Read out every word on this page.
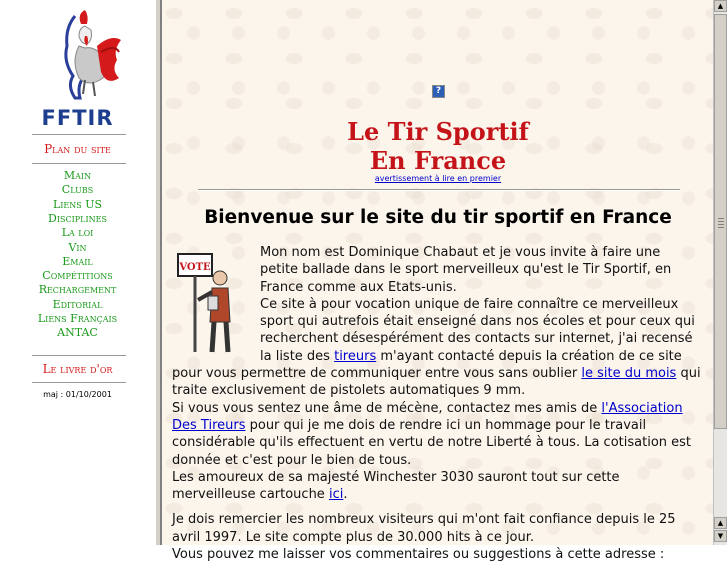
FFTIR
Plan du site
Main
Clubs
Liens US
Disciplines
La loi
Vin
Email
Compétitions
Rechargement
Editorial
Liens Français
ANTAC
Le livre d'or
maj : 01/10/2001
?
Le Tir Sportif
En France
avertissement à lire en premier
Bienvenue sur le site du tir sportif en France
VOTE

Mon nom est Dominique Chabaut et je vous invite à faire une petite ballade dans le sport merveilleux qu'est le Tir Sportif, en France comme aux Etats-unis.

Ce site à pour vocation unique de faire connaître ce merveilleux sport qui autrefois était enseigné dans nos écoles et pour ceux qui recherchent désespérément des contacts sur internet, j'ai recensé la liste des tireurs m'ayant contacté depuis la création de ce site pour vous permettre de communiquer entre vous sans oublier le site du mois qui traite exclusivement de pistolets automatiques 9 mm.

Si vous vous sentez une âme de mécène, contactez mes amis de l'Association Des Tireurs pour qui je me dois de rendre ici un hommage pour le travail considérable qu'ils effectuent en vertu de notre Liberté à tous. La cotisation est donnée et c'est pour le bien de tous.

Les amoureux de sa majesté Winchester 3030 sauront tout sur cette merveilleuse cartouche ici.

Je dois remercier les nombreux visiteurs qui m'ont fait confiance depuis le 25 avril 1997. Le site compte plus de 30.000 hits à ce jour.

Vous pouvez me laisser vos commentaires ou suggestions à cette adresse :

▲
▲
▼
